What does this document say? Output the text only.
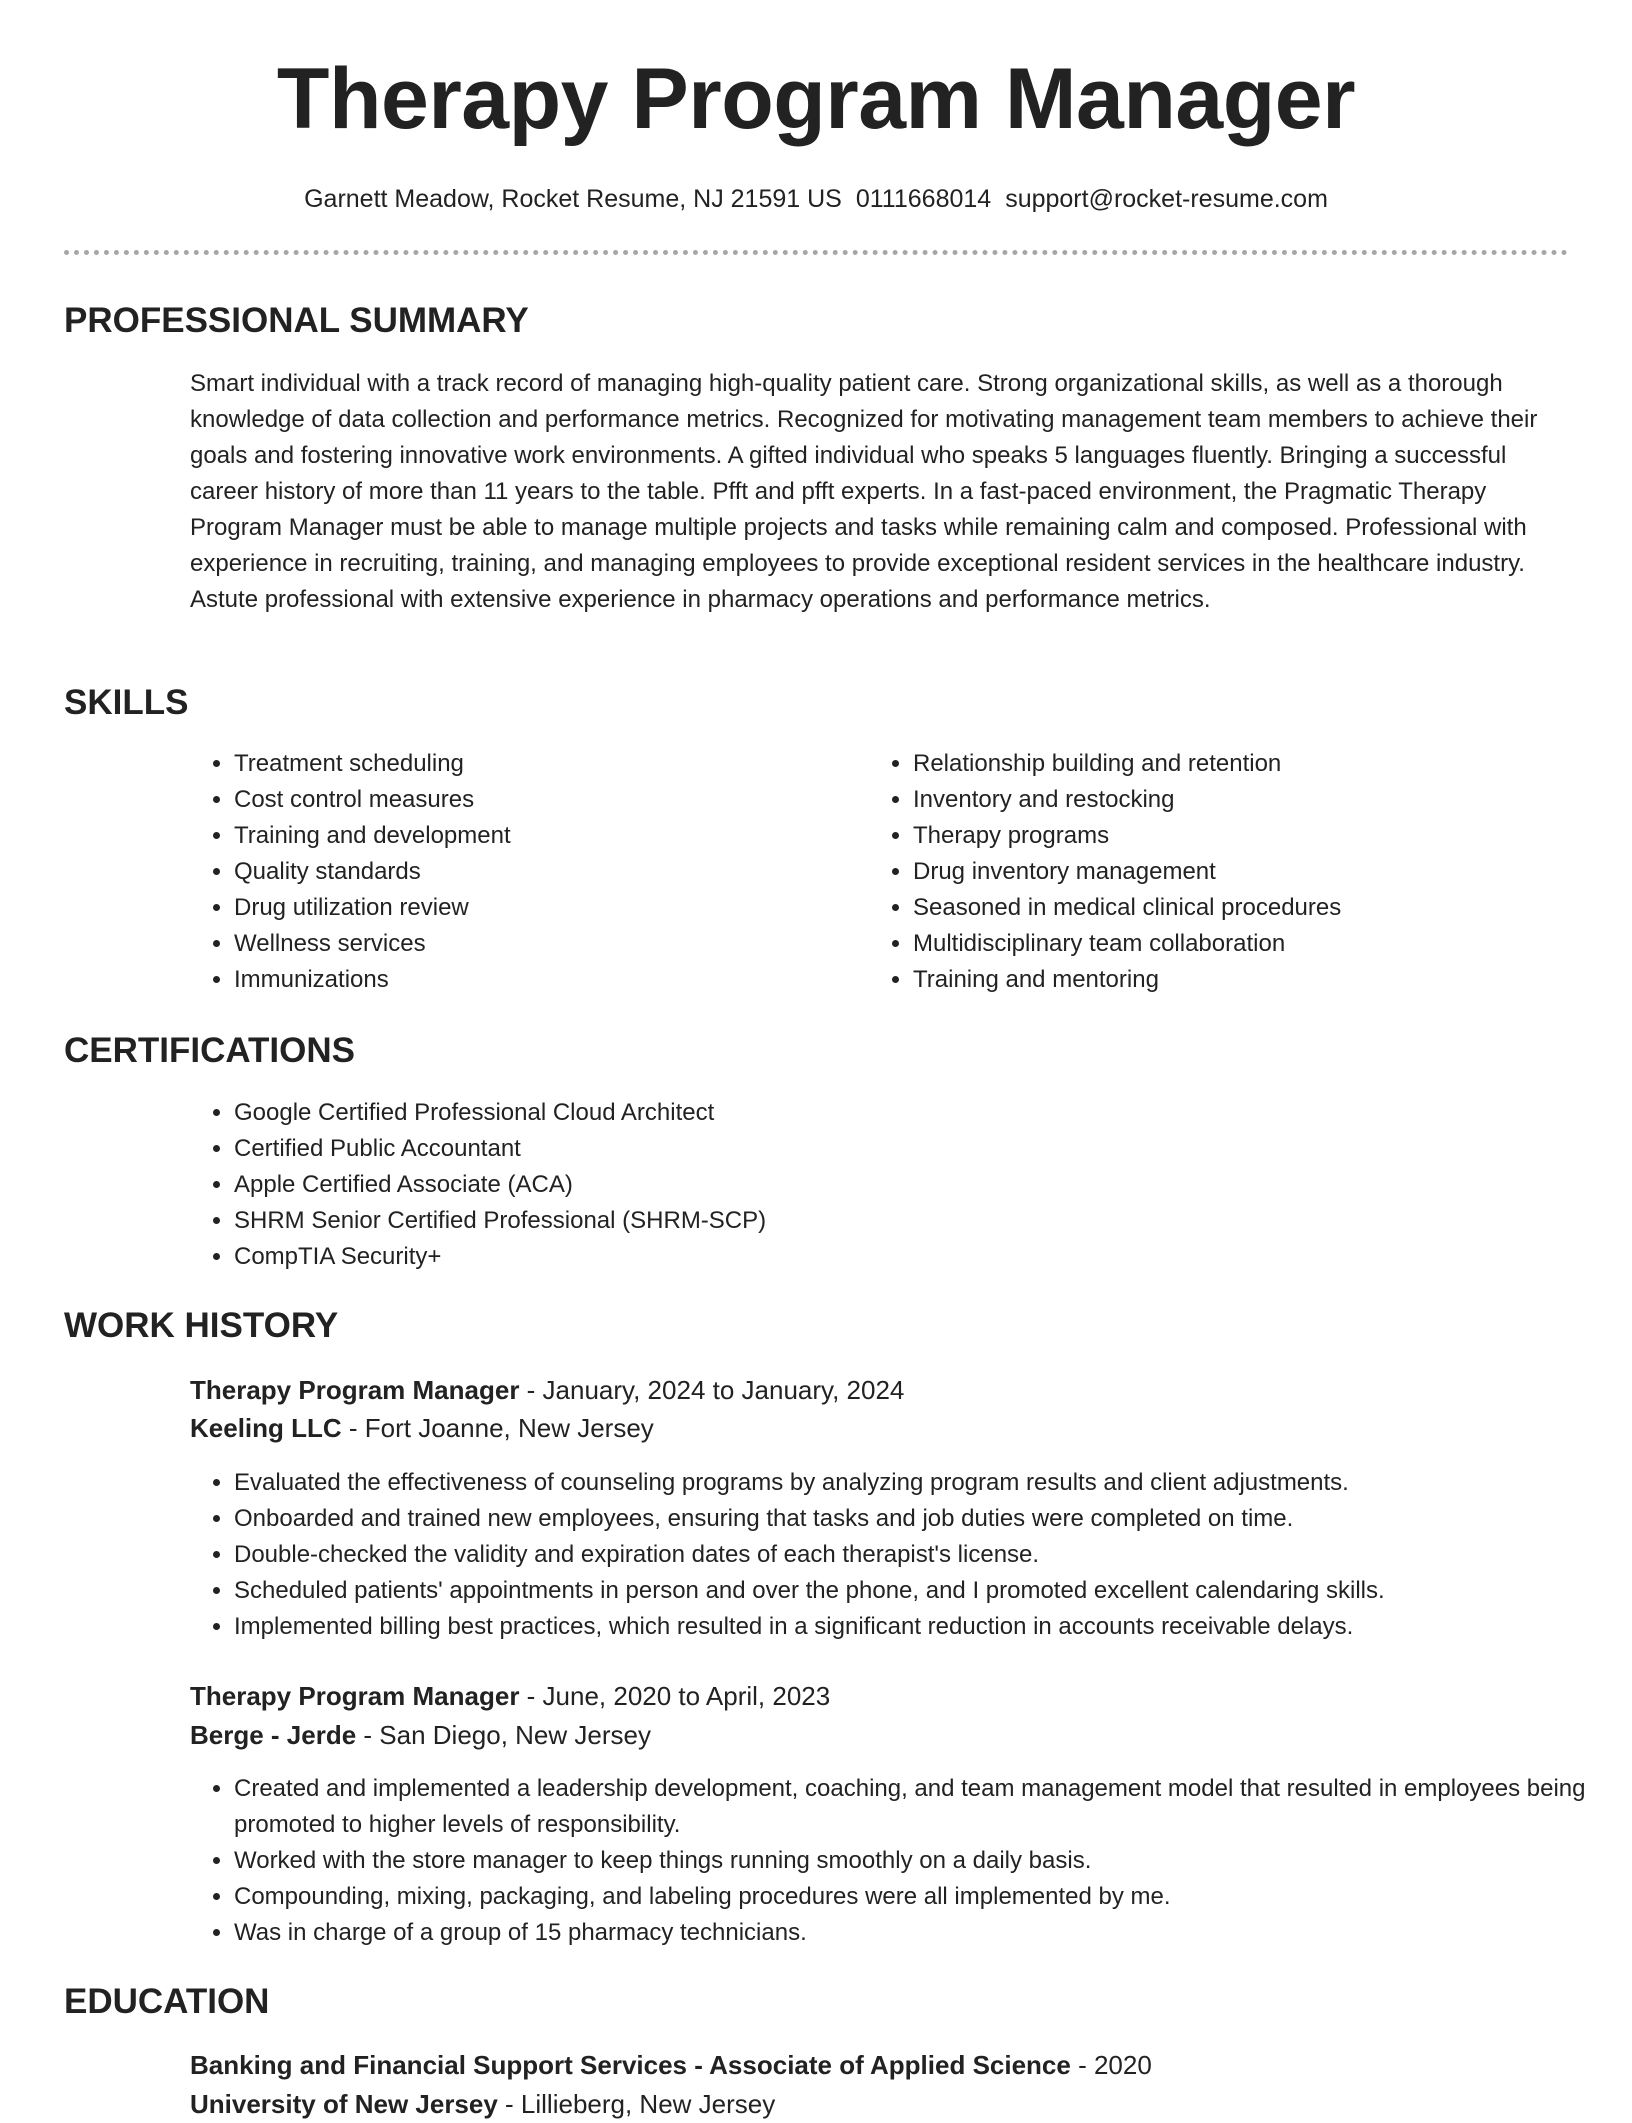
Therapy Program Manager
Garnett Meadow, Rocket Resume, NJ 21591 US 0111668014 support@rocket-resume.com
PROFESSIONAL SUMMARY

Smart individual with a track record of managing high-quality patient care. Strong organizational skills, as well as a thorough knowledge of data collection and performance metrics. Recognized for motivating management team members to achieve their goals and fostering innovative work environments. A gifted individual who speaks 5 languages fluently. Bringing a successful career history of more than 11 years to the table. Pfft and pfft experts. In a fast-paced environment, the Pragmatic Therapy Program Manager must be able to manage multiple projects and tasks while remaining calm and composed. Professional with experience in recruiting, training, and managing employees to provide exceptional resident services in the healthcare industry. Astute professional with extensive experience in pharmacy operations and performance metrics.

SKILLS
• Treatment scheduling
• Cost control measures
• Training and development
• Quality standards
• Drug utilization review
• Wellness services
• Immunizations
• Relationship building and retention
• Inventory and restocking
• Therapy programs
• Drug inventory management
• Seasoned in medical clinical procedures
• Multidisciplinary team collaboration
• Training and mentoring
CERTIFICATIONS
• Google Certified Professional Cloud Architect
• Certified Public Accountant
• Apple Certified Associate (ACA)
• SHRM Senior Certified Professional (SHRM-SCP)
• CompTIA Security+
WORK HISTORY
Therapy Program Manager - January, 2024 to January, 2024
Keeling LLC - Fort Joanne, New Jersey
• Evaluated the effectiveness of counseling programs by analyzing program results and client adjustments.
• Onboarded and trained new employees, ensuring that tasks and job duties were completed on time.
• Double-checked the validity and expiration dates of each therapist's license.
• Scheduled patients' appointments in person and over the phone, and I promoted excellent calendaring skills.
• Implemented billing best practices, which resulted in a significant reduction in accounts receivable delays.
Therapy Program Manager - June, 2020 to April, 2023
Berge - Jerde - San Diego, New Jersey
• Created and implemented a leadership development, coaching, and team management model that resulted in employees being promoted to higher levels of responsibility.
• Worked with the store manager to keep things running smoothly on a daily basis.
• Compounding, mixing, packaging, and labeling procedures were all implemented by me.
• Was in charge of a group of 15 pharmacy technicians.
EDUCATION
Banking and Financial Support Services - Associate of Applied Science - 2020
University of New Jersey - Lillieberg, New Jersey
